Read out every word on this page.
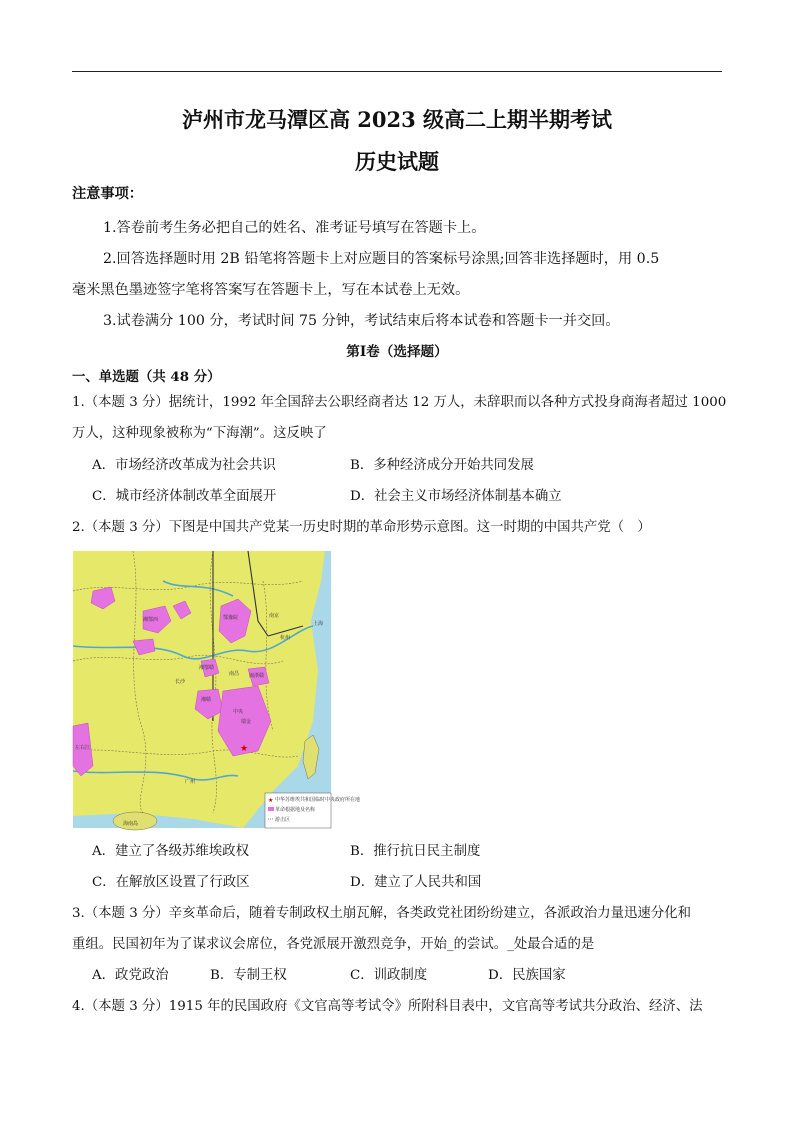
泸州市龙马潭区高 2023 级高二上期半期考试
历史试题
注意事项：
1.答卷前考生务必把自己的姓名、准考证号填写在答题卡上。
2.回答选择题时用 2B 铅笔将答题卡上对应题目的答案标号涂黑;回答非选择题时，用 0.5
毫米黑色墨迹签字笔将答案写在答题卡上，写在本试卷上无效。
3.试卷满分 100 分，考试时间 75 分钟，考试结束后将本试卷和答题卡一并交回。
第Ⅰ卷（选择题）
一、单选题（共 48 分）
1.（本题 3 分）据统计，1992 年全国辞去公职经商者达 12 万人，未辞职而以各种方式投身商海者超过 1000
万人，这种现象被称为“下海潮”。这反映了
A．市场经济改革成为社会共识	B．多种经济成分开始共同发展
C．城市经济体制改革全面展开	D．社会主义市场经济体制基本确立
2.（本题 3 分）下图是中国共产党某一历史时期的革命形势示意图。这一时期的中国共产党（　）
★
南京
上海
杭州
长沙
南昌
瑞金
广州
鄂豫皖
湘鄂西
湘赣
湘鄂赣
闽浙赣
中央
左右江
海南岛
★ 中华苏维埃共和国临时中央政府所在地
革命根据地及名称
游击区
A．建立了各级苏维埃政权	B．推行抗日民主制度
C．在解放区设置了行政区	D．建立了人民共和国
3.（本题 3 分）辛亥革命后，随着专制政权土崩瓦解，各类政党社团纷纷建立，各派政治力量迅速分化和
重组。民国初年为了谋求议会席位，各党派展开激烈竞争，开始_的尝试。_处最合适的是
A．政党政治	B．专制王权	C．训政制度	D．民族国家
4.（本题 3 分）1915 年的民国政府《文官高等考试令》所附科目表中，文官高等考试共分政治、经济、法
